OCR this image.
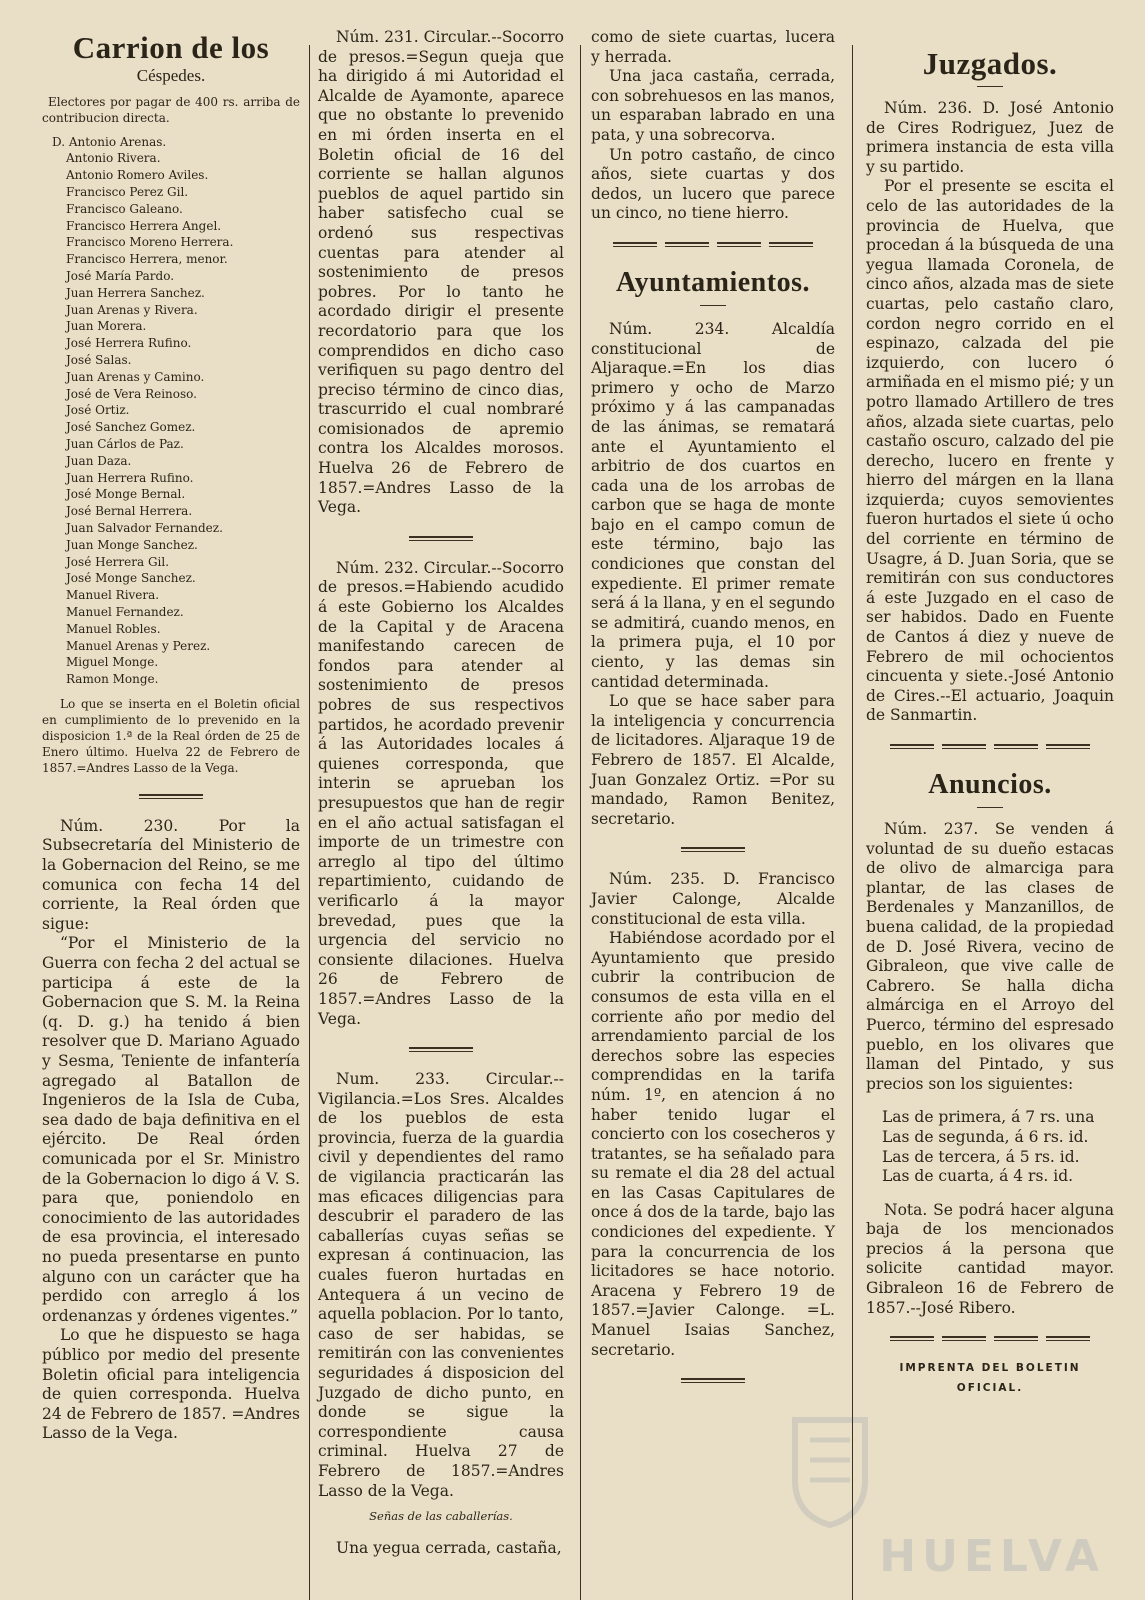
Carrion de los
Céspedes.

Electores por pagar de 400 rs. arriba de contribucion directa.

D. Antonio Arenas.
Antonio Rivera.
Antonio Romero Aviles.
Francisco Perez Gil.
Francisco Galeano.
Francisco Herrera Angel.
Francisco Moreno Herrera.
Francisco Herrera, menor.
José María Pardo.
Juan Herrera Sanchez.
Juan Arenas y Rivera.
Juan Morera.
José Herrera Rufino.
José Salas.
Juan Arenas y Camino.
José de Vera Reinoso.
José Ortiz.
José Sanchez Gomez.
Juan Cárlos de Paz.
Juan Daza.
Juan Herrera Rufino.
José Monge Bernal.
José Bernal Herrera.
Juan Salvador Fernandez.
Juan Monge Sanchez.
José Herrera Gil.
José Monge Sanchez.
Manuel Rivera.
Manuel Fernandez.
Manuel Robles.
Manuel Arenas y Perez.
Miguel Monge.
Ramon Monge.

Lo que se inserta en el Boletin oficial en cumplimiento de lo prevenido en la disposicion 1.ª de la Real órden de 25 de Enero último. Huelva 22 de Febrero de 1857.=Andres Lasso de la Vega.

Núm. 230. Por la Subsecretaría del Ministerio de la Gobernacion del Reino, se me comunica con fecha 14 del corriente, la Real órden que sigue:

“Por el Ministerio de la Guerra con fecha 2 del actual se participa á este de la Gobernacion que S. M. la Reina (q. D. g.) ha tenido á bien resolver que D. Mariano Aguado y Sesma, Teniente de infantería agregado al Batallon de Ingenieros de la Isla de Cuba, sea dado de baja definitiva en el ejército. De Real órden comunicada por el Sr. Ministro de la Gobernacion lo digo á V. S. para que, poniendolo en conocimiento de las autoridades de esa provincia, el interesado no pueda presentarse en punto alguno con un carácter que ha perdido con arreglo á los ordenanzas y órdenes vigentes.”

Lo que he dispuesto se haga público por medio del presente Boletin oficial para inteligencia de quien corresponda. Huelva 24 de Febrero de 1857. =Andres Lasso de la Vega.

Núm. 231. Circular.--Socorro de presos.=Segun queja que ha dirigido á mi Autoridad el Alcalde de Ayamonte, aparece que no obstante lo prevenido en mi órden inserta en el Boletin oficial de 16 del corriente se hallan algunos pueblos de aquel partido sin haber satisfecho cual se ordenó sus respectivas cuentas para atender al sostenimiento de presos pobres. Por lo tanto he acordado dirigir el presente recordatorio para que los comprendidos en dicho caso verifiquen su pago dentro del preciso término de cinco dias, trascurrido el cual nombraré comisionados de apremio contra los Alcaldes morosos. Huelva 26 de Febrero de 1857.=Andres Lasso de la Vega.

Núm. 232. Circular.--Socorro de presos.=Habiendo acudido á este Gobierno los Alcaldes de la Capital y de Aracena manifestando carecen de fondos para atender al sostenimiento de presos pobres de sus respectivos partidos, he acordado prevenir á las Autoridades locales á quienes corresponda, que interin se aprueban los presupuestos que han de regir en el año actual satisfagan el importe de un trimestre con arreglo al tipo del último repartimiento, cuidando de verificarlo á la mayor brevedad, pues que la urgencia del servicio no consiente dilaciones. Huelva 26 de Febrero de 1857.=Andres Lasso de la Vega.

Num. 233. Circular.--Vigilancia.=Los Sres. Alcaldes de los pueblos de esta provincia, fuerza de la guardia civil y dependientes del ramo de vigilancia practicarán las mas eficaces diligencias para descubrir el paradero de las caballerías cuyas señas se expresan á continuacion, las cuales fueron hurtadas en Antequera á un vecino de aquella poblacion. Por lo tanto, caso de ser habidas, se remitirán con las convenientes seguridades á disposicion del Juzgado de dicho punto, en donde se sigue la correspondiente causa criminal. Huelva 27 de Febrero de 1857.=Andres Lasso de la Vega.

Señas de las caballerías.

Una yegua cerrada, castaña,

como de siete cuartas, lucera y herrada.

Una jaca castaña, cerrada, con sobrehuesos en las manos, un esparaban labrado en una pata, y una sobrecorva.

Un potro castaño, de cinco años, siete cuartas y dos dedos, un lucero que parece un cinco, no tiene hierro.

Ayuntamientos.

Núm. 234. Alcaldía constitucional de Aljaraque.=En los dias primero y ocho de Marzo próximo y á las campanadas de las ánimas, se rematará ante el Ayuntamiento el arbitrio de dos cuartos en cada una de los arrobas de carbon que se haga de monte bajo en el campo comun de este término, bajo las condiciones que constan del expediente. El primer remate será á la llana, y en el segundo se admitirá, cuando menos, en la primera puja, el 10 por ciento, y las demas sin cantidad determinada.

Lo que se hace saber para la inteligencia y concurrencia de licitadores. Aljaraque 19 de Febrero de 1857. El Alcalde, Juan Gonzalez Ortiz. =Por su mandado, Ramon Benitez, secretario.

Núm. 235. D. Francisco Javier Calonge, Alcalde constitucional de esta villa.

Habiéndose acordado por el Ayuntamiento que presido cubrir la contribucion de consumos de esta villa en el corriente año por medio del arrendamiento parcial de los derechos sobre las especies comprendidas en la tarifa núm. 1º, en atencion á no haber tenido lugar el concierto con los cosecheros y tratantes, se ha señalado para su remate el dia 28 del actual en las Casas Capitulares de once á dos de la tarde, bajo las condiciones del expediente. Y para la concurrencia de los licitadores se hace notorio. Aracena y Febrero 19 de 1857.=Javier Calonge. =L. Manuel Isaias Sanchez, secretario.

Juzgados.

Núm. 236. D. José Antonio de Cires Rodriguez, Juez de primera instancia de esta villa y su partido.

Por el presente se escita el celo de las autoridades de la provincia de Huelva, que procedan á la búsqueda de una yegua llamada Coronela, de cinco años, alzada mas de siete cuartas, pelo castaño claro, cordon negro corrido en el espinazo, calzada del pie izquierdo, con lucero ó armiñada en el mismo pié; y un potro llamado Artillero de tres años, alzada siete cuartas, pelo castaño oscuro, calzado del pie derecho, lucero en frente y hierro del márgen en la llana izquierda; cuyos semovientes fueron hurtados el siete ú ocho del corriente en término de Usagre, á D. Juan Soria, que se remitirán con sus conductores á este Juzgado en el caso de ser habidos. Dado en Fuente de Cantos á diez y nueve de Febrero de mil ochocientos cincuenta y siete.-José Antonio de Cires.--El actuario, Joaquin de Sanmartin.

Anuncios.

Núm. 237. Se venden á voluntad de su dueño estacas de olivo de almarciga para plantar, de las clases de Berdenales y Manzanillos, de buena calidad, de la propiedad de D. José Rivera, vecino de Gibraleon, que vive calle de Cabrero. Se halla dicha almárciga en el Arroyo del Puerco, término del espresado pueblo, en los olivares que llaman del Pintado, y sus precios son los siguientes:

Las de primera, á 7 rs. una
Las de segunda, á 6 rs. id.
Las de tercera, á 5 rs. id.
Las de cuarta, á 4 rs. id.

Nota. Se podrá hacer alguna baja de los mencionados precios á la persona que solicite cantidad mayor. Gibraleon 16 de Febrero de 1857.--José Ribero.

IMPRENTA DEL BOLETIN OFICIAL.
HUELVA
